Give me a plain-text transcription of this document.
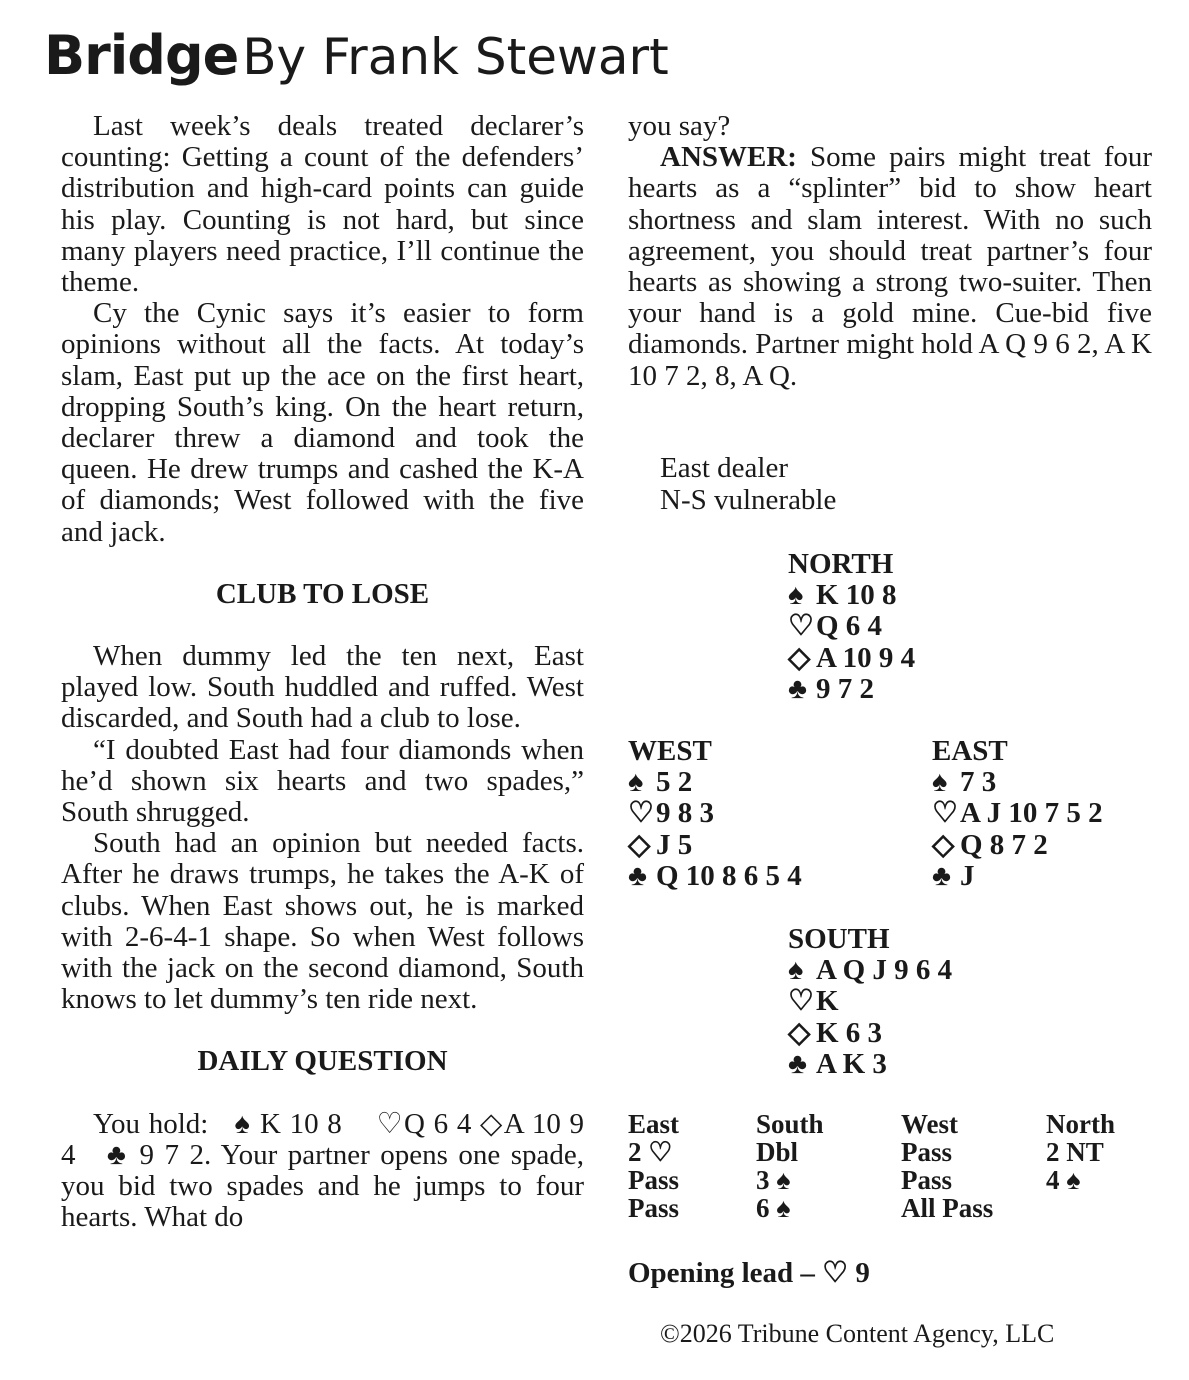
Bridge By Frank Stewart

Last week’s deals treated declarer’s counting: Getting a count of the defenders’ distribution and high-card points can guide his play. Counting is not hard, but since many players need practice, I’ll continue the theme.

Cy the Cynic says it’s easier to form opinions without all the facts. At today’s slam, East put up the ace on the first heart, dropping South’s king. On the heart return, declarer threw a diamond and took the queen. He drew trumps and cashed the K-A of diamonds; West followed with the five and jack.

CLUB TO LOSE

When dummy led the ten next, East played low. South huddled and ruffed. West discarded, and South had a club to lose.

“I doubted East had four diamonds when he’d shown six hearts and two spades,” South shrugged.

South had an opinion but needed facts. After he draws trumps, he takes the A-K of clubs. When East shows out, he is marked with 2-6-4-1 shape. So when West follows with the jack on the second diamond, South knows to let dummy’s ten ride next.

DAILY QUESTION

You hold: ♠ K 10 8 ♡Q 6 4 ◇A 10 9 4 ♣ 9 7 2. Your partner opens one spade, you bid two spades and he jumps to four hearts. What do

you say?

ANSWER: Some pairs might treat four hearts as a “splinter” bid to show heart shortness and slam interest. With no such agreement, you should treat partner’s four hearts as showing a strong two-suiter. Then your hand is a gold mine. Cue-bid five diamonds. Partner might hold A Q 9 6 2, A K 10 7 2, 8, A Q.

East dealer
N-S vulnerable
NORTH
♠ K 10 8
♡Q 6 4
◇ A 10 9 4
♣ 9 7 2
WEST
♠ 5 2
♡9 8 3
◇ J 5
♣ Q 10 8 6 5 4
EAST
♠ 7 3
♡A J 10 7 5 2
◇ Q 8 7 2
♣ J
SOUTH
♠ A Q J 9 6 4
♡K
◇ K 6 3
♣ A K 3
East	South	West	North
2 ♡	Dbl	Pass	2 NT
Pass	3 ♠	Pass	4 ♠
Pass	6 ♠	All Pass
Opening lead – ♡ 9
©2026 Tribune Content Agency, LLC
